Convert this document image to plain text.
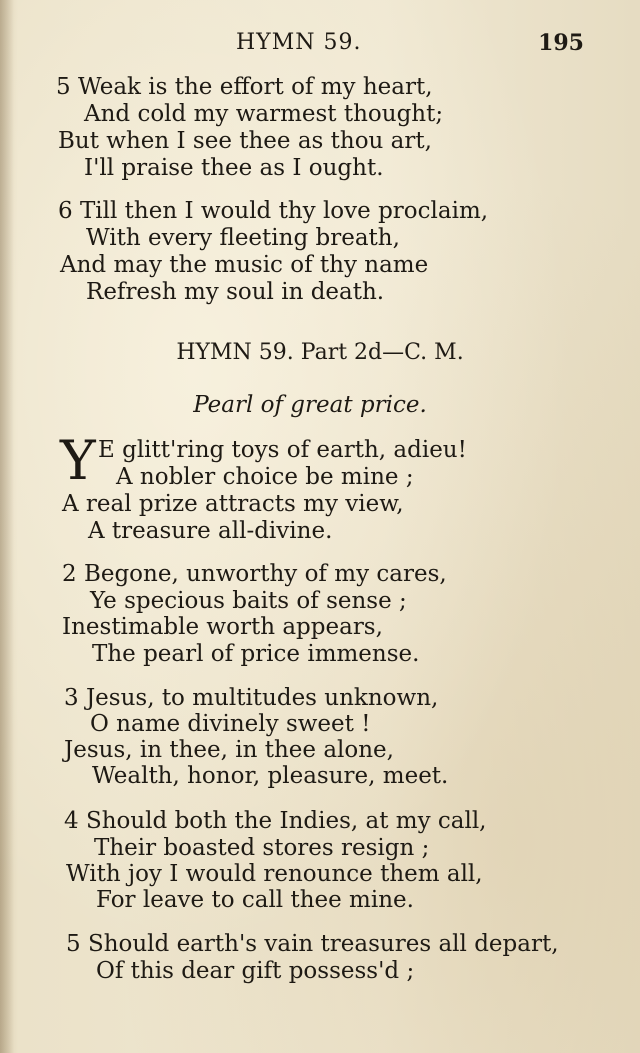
HYMN 59.	195
5 Weak is the effort of my heart,
And cold my warmest thought;
But when I see thee as thou art,
I'll praise thee as I ought.
6 Till then I would thy love proclaim,
With every fleeting breath,
And may the music of thy name
Refresh my soul in death.
HYMN 59. Part 2d—C. M.
Pearl of great price.
Y E glitt'ring toys of earth, adieu!
A nobler choice be mine ;
A real prize attracts my view,
A treasure all-divine.
2 Begone, unworthy of my cares,
Ye specious baits of sense ;
Inestimable worth appears,
The pearl of price immense.
3 Jesus, to multitudes unknown,
O name divinely sweet !
Jesus, in thee, in thee alone,
Wealth, honor, pleasure, meet.
4 Should both the Indies, at my call,
Their boasted stores resign ;
With joy I would renounce them all,
For leave to call thee mine.
5 Should earth's vain treasures all depart,
Of this dear gift possess'd ;
